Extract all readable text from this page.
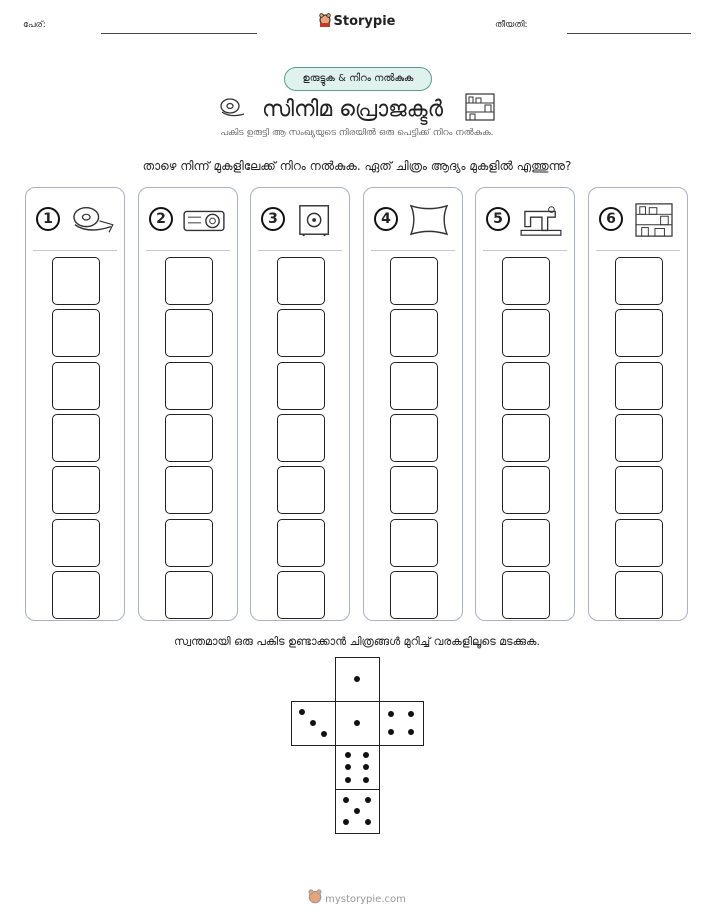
പേര്:	Storypie	തീയതി:
ഉരുട്ടുക & നിറം നൽകുക
സിനിമ പ്രൊജക്ടർ
പകിട ഉരുട്ടി ആ സംഖ്യയുടെ നിരയിൽ ഒരു പെട്ടിക്ക് നിറം നൽകുക.
താഴെ നിന്ന് മുകളിലേക്ക് നിറം നൽകുക. ഏത് ചിത്രം ആദ്യം മുകളിൽ എത്തുന്നു?
1	2	3	4	5	6
സ്വന്തമായി ഒരു പകിട ഉണ്ടാക്കാൻ ചിത്രങ്ങൾ മുറിച്ച് വരകളിലൂടെ മടക്കുക.
mystorypie.com
